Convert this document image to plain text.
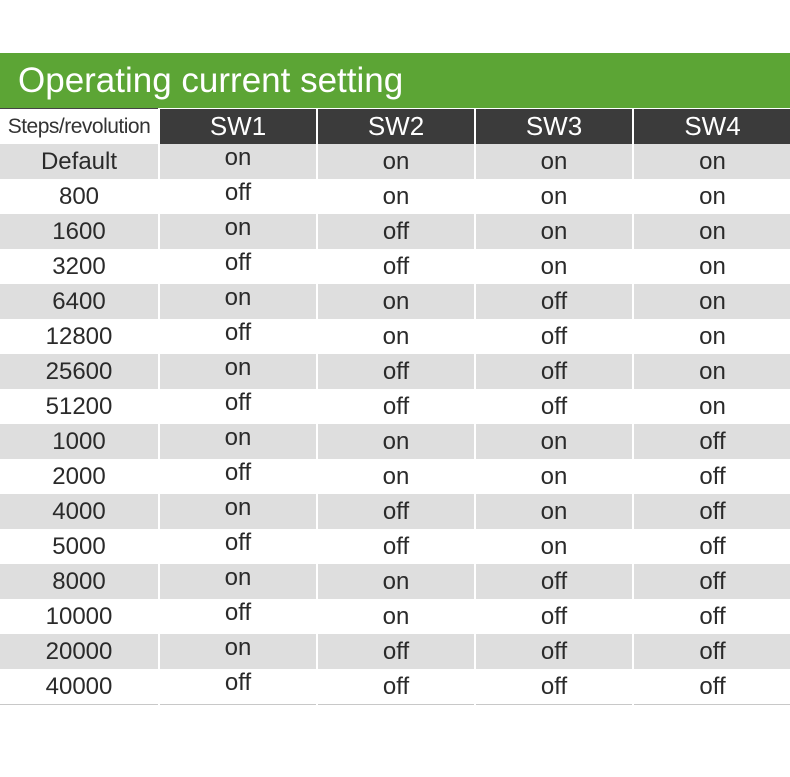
Operating current setting
Steps/revolution	SW1	SW2	SW3	SW4
Default	on	on	on	on
800	off	on	on	on
1600	on	off	on	on
3200	off	off	on	on
6400	on	on	off	on
12800	off	on	off	on
25600	on	off	off	on
51200	off	off	off	on
1000	on	on	on	off
2000	off	on	on	off
4000	on	off	on	off
5000	off	off	on	off
8000	on	on	off	off
10000	off	on	off	off
20000	on	off	off	off
40000	off	off	off	off
